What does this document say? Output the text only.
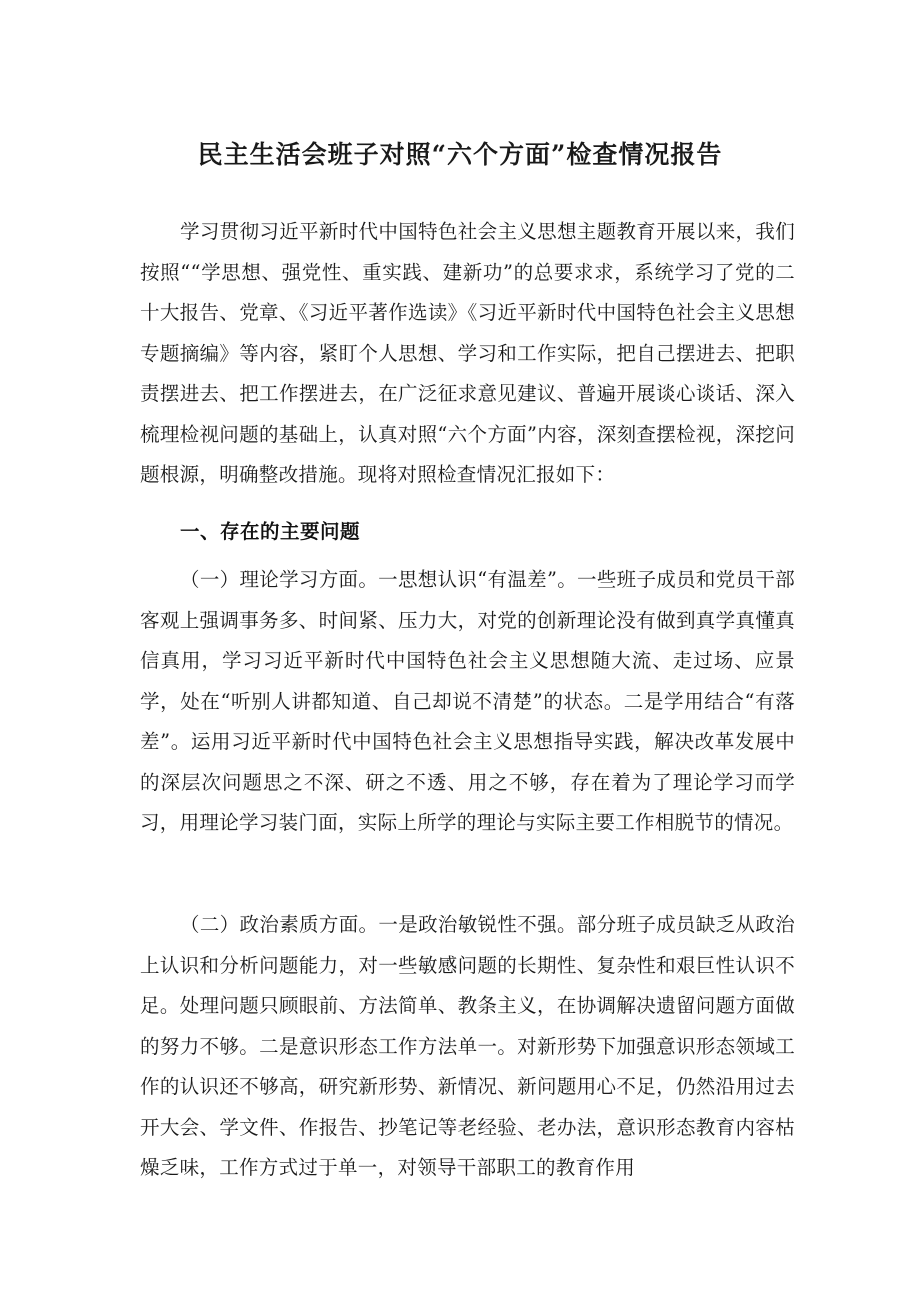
民主生活会班子对照“六个方面”检查情况报告

学习贯彻习近平新时代中国特色社会主义思想主题教育开展以来，我们按照““学思想、强党性、重实践、建新功”的总要求求，系统学习了党的二十大报告、党章、《习近平著作选读》《习近平新时代中国特色社会主义思想专题摘编》等内容，紧盯个人思想、学习和工作实际，把自己摆进去、把职责摆进去、把工作摆进去，在广泛征求意见建议、普遍开展谈心谈话、深入梳理检视问题的基础上，认真对照“六个方面”内容，深刻查摆检视，深挖问题根源，明确整改措施。现将对照检查情况汇报如下：

一、存在的主要问题

（一）理论学习方面。一思想认识“有温差”。一些班子成员和党员干部客观上强调事务多、时间紧、压力大，对党的创新理论没有做到真学真懂真信真用，学习习近平新时代中国特色社会主义思想随大流、走过场、应景学，处在“听别人讲都知道、自己却说不清楚”的状态。二是学用结合“有落差”。运用习近平新时代中国特色社会主义思想指导实践，解决改革发展中的深层次问题思之不深、研之不透、用之不够，存在着为了理论学习而学习，用理论学习装门面，实际上所学的理论与实际主要工作相脱节的情况。

（二）政治素质方面。一是政治敏锐性不强。部分班子成员缺乏从政治上认识和分析问题能力，对一些敏感问题的长期性、复杂性和艰巨性认识不足。处理问题只顾眼前、方法简单、教条主义，在协调解决遗留问题方面做的努力不够。二是意识形态工作方法单一。对新形势下加强意识形态领域工作的认识还不够高，研究新形势、新情况、新问题用心不足，仍然沿用过去开大会、学文件、作报告、抄笔记等老经验、老办法，意识形态教育内容枯燥乏味，工作方式过于单一，对领导干部职工的教育作用
